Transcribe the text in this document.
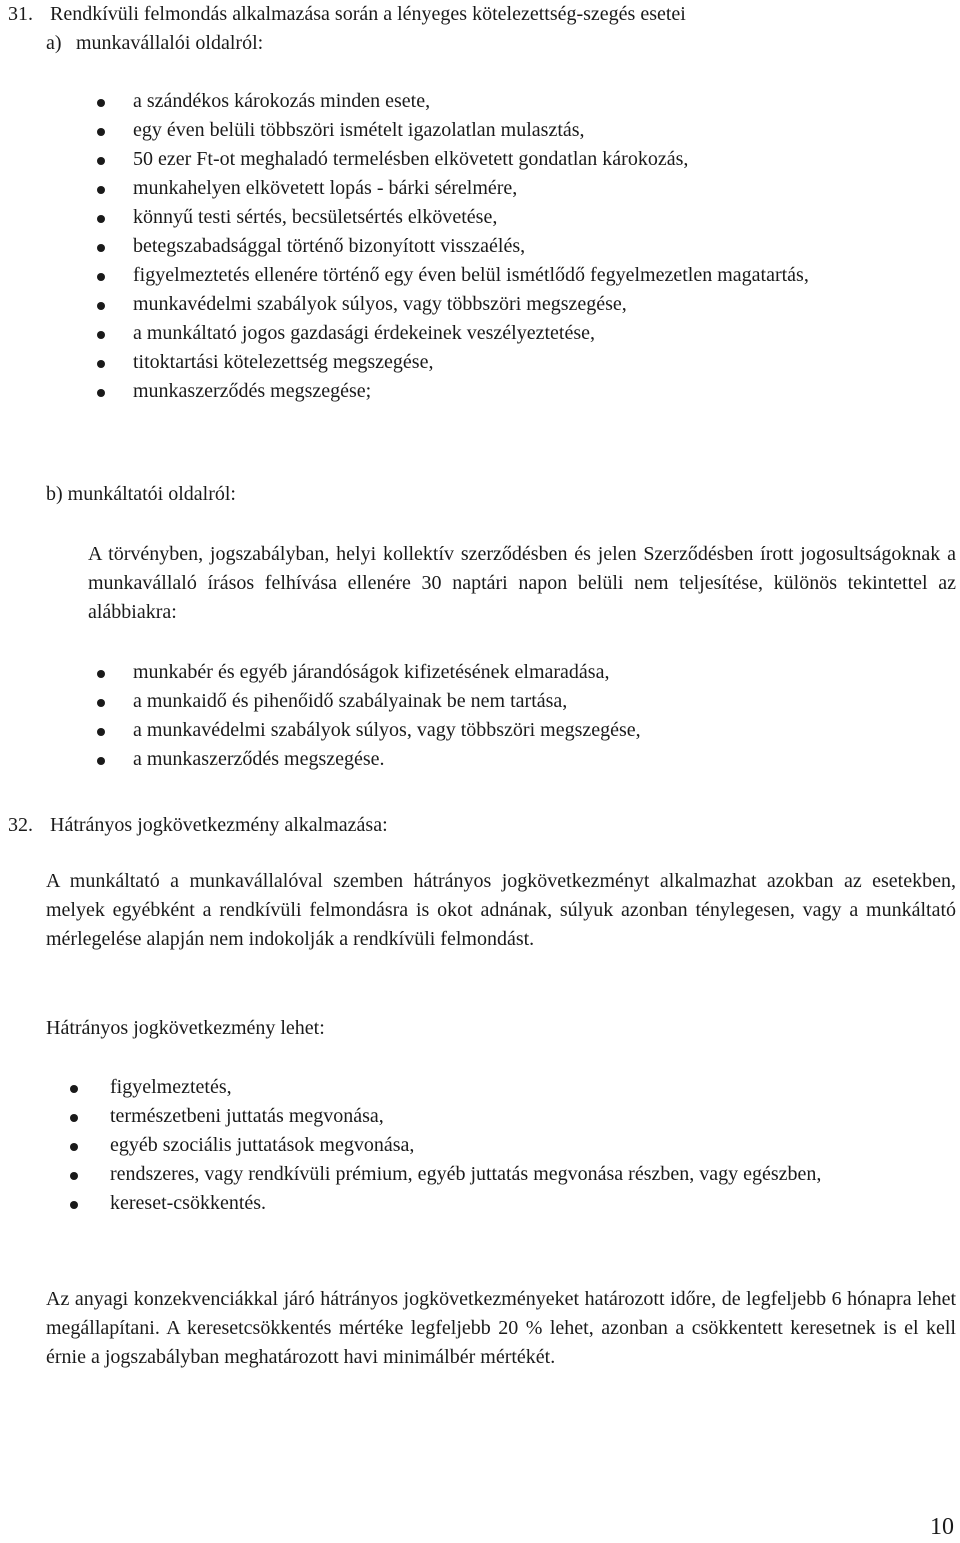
31. Rendkívüli felmondás alkalmazása során a lényeges kötelezettség-szegés esetei
a) munkavállalói oldalról:
a szándékos károkozás minden esete,
egy éven belüli többszöri ismételt igazolatlan mulasztás,
50 ezer Ft-ot meghaladó termelésben elkövetett gondatlan károkozás,
munkahelyen elkövetett lopás - bárki sérelmére,
könnyű testi sértés, becsületsértés elkövetése,
betegszabadsággal történő bizonyított visszaélés,
figyelmeztetés ellenére történő egy éven belül ismétlődő fegyelmezetlen magatartás,
munkavédelmi szabályok súlyos, vagy többszöri megszegése,
a munkáltató jogos gazdasági érdekeinek veszélyeztetése,
titoktartási kötelezettség megszegése,
munkaszerződés megszegése;
b) munkáltatói oldalról:
A törvényben, jogszabályban, helyi kollektív szerződésben és jelen Szerződésben írott jogosultságoknak a munkavállaló írásos felhívása ellenére 30 naptári napon belüli nem teljesítése, különös tekintettel az alábbiakra:
munkabér és egyéb járandóságok kifizetésének elmaradása,
a munkaidő és pihenőidő szabályainak be nem tartása,
a munkavédelmi szabályok súlyos, vagy többszöri megszegése,
a munkaszerződés megszegése.
32. Hátrányos jogkövetkezmény alkalmazása:
A munkáltató a munkavállalóval szemben hátrányos jogkövetkezményt alkalmazhat azokban az esetekben, melyek egyébként a rendkívüli felmondásra is okot adnának, súlyuk azonban ténylegesen, vagy a munkáltató mérlegelése alapján nem indokolják a rendkívüli felmondást.
Hátrányos jogkövetkezmény lehet:
figyelmeztetés,
természetbeni juttatás megvonása,
egyéb szociális juttatások megvonása,
rendszeres, vagy rendkívüli prémium, egyéb juttatás megvonása részben, vagy egészben,
kereset-csökkentés.
Az anyagi konzekvenciákkal járó hátrányos jogkövetkezményeket határozott időre, de legfeljebb 6 hónapra lehet megállapítani. A keresetcsökkentés mértéke legfeljebb 20 % lehet, azonban a csökkentett keresetnek is el kell érnie a jogszabályban meghatározott havi minimálbér mértékét.
10
